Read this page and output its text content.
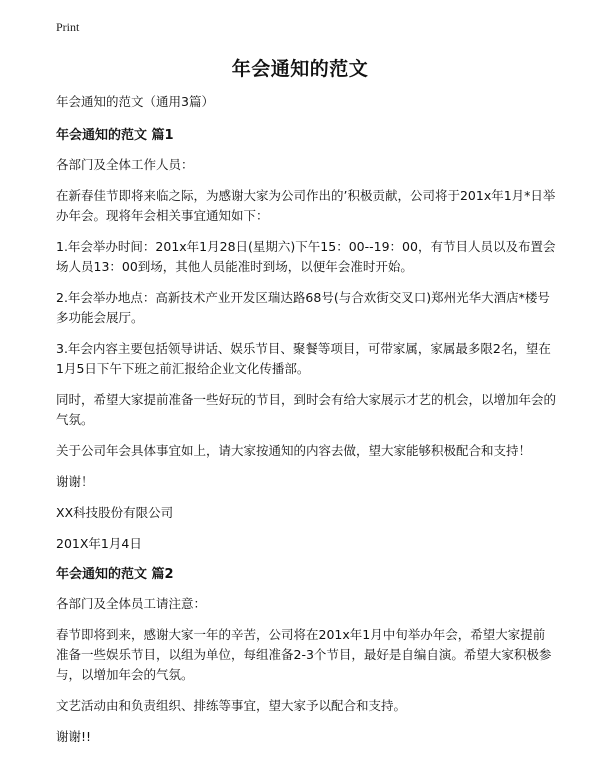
Print
年会通知的范文

年会通知的范文（通用3篇）

年会通知的范文 篇1

各部门及全体工作人员：

在新春佳节即将来临之际，为感谢大家为公司作出的’积极贡献，公司将于201x年1月*日举办年会。现将年会相关事宜通知如下：

1.年会举办时间：201x年1月28日(星期六)下午15：00--19：00，有节目人员以及布置会场人员13：00到场，其他人员能准时到场，以便年会准时开始。

2.年会举办地点：高新技术产业开发区瑞达路68号(与合欢街交叉口)郑州光华大酒店*楼号多功能会展厅。

3.年会内容主要包括领导讲话、娱乐节目、聚餐等项目，可带家属，家属最多限2名，望在1月5日下午下班之前汇报给企业文化传播部。

同时，希望大家提前准备一些好玩的节目，到时会有给大家展示才艺的机会，以增加年会的气氛。

关于公司年会具体事宜如上，请大家按通知的内容去做，望大家能够积极配合和支持！

谢谢！

XX科技股份有限公司

201X年1月4日

年会通知的范文 篇2

各部门及全体员工请注意：

春节即将到来，感谢大家一年的辛苦，公司将在201x年1月中旬举办年会，希望大家提前准备一些娱乐节目，以组为单位，每组准备2-3个节目，最好是自编自演。希望大家积极参与，以增加年会的气氛。

文艺活动由和负责组织、排练等事宜，望大家予以配合和支持。

谢谢!!
